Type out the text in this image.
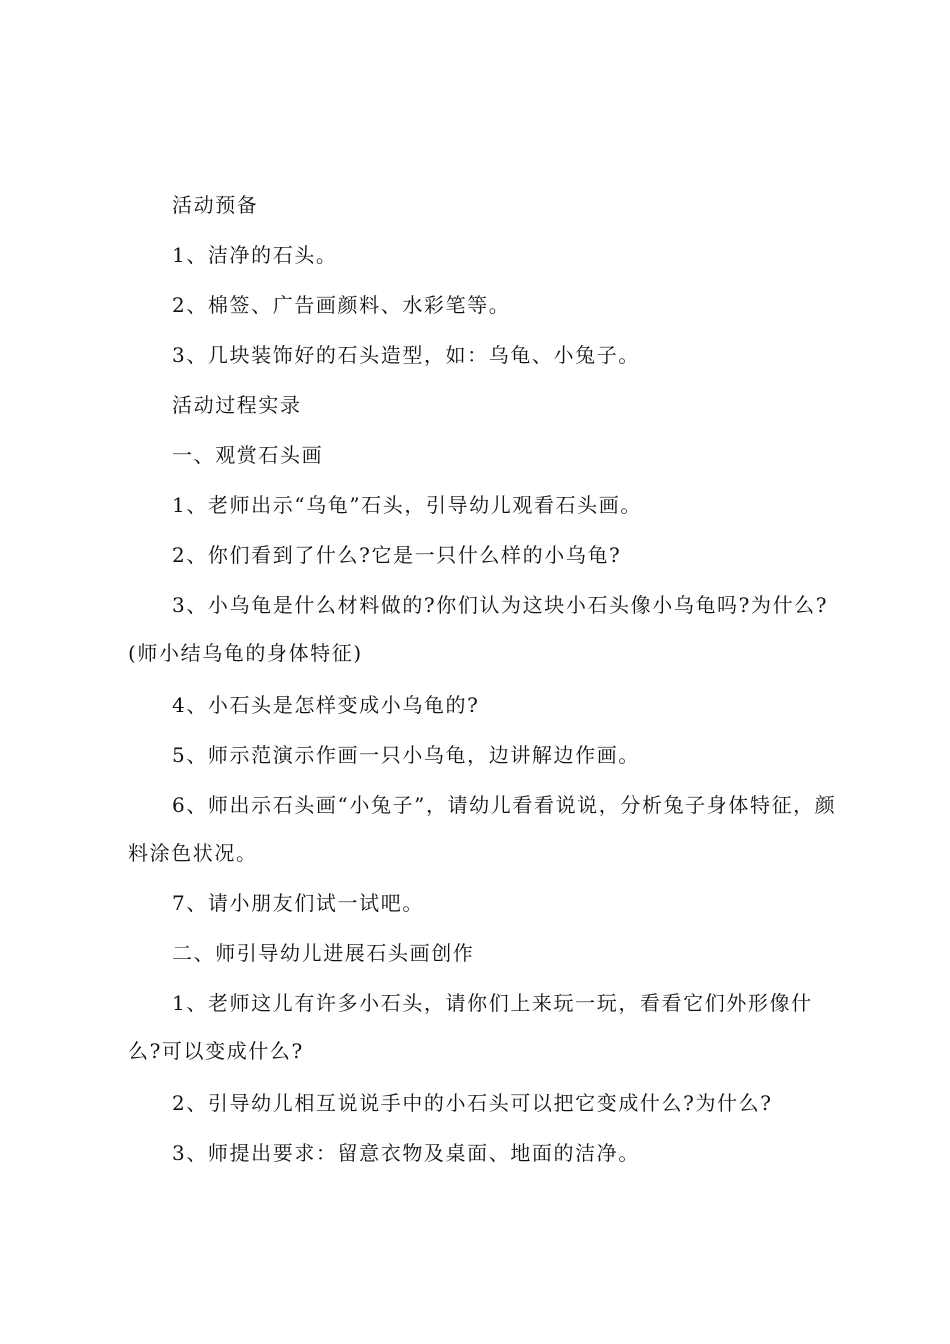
活动预备

1、洁净的石头。

2、棉签、广告画颜料、水彩笔等。

3、几块装饰好的石头造型，如：乌龟、小兔子。

活动过程实录

一、观赏石头画

1、老师出示“乌龟”石头，引导幼儿观看石头画。

2、你们看到了什么?它是一只什么样的小乌龟?

3、小乌龟是什么材料做的?你们认为这块小石头像小乌龟吗?为什么?(师小结乌龟的身体特征)

4、小石头是怎样变成小乌龟的?

5、师示范演示作画一只小乌龟，边讲解边作画。

6、师出示石头画“小兔子”，请幼儿看看说说，分析兔子身体特征，颜料涂色状况。

7、请小朋友们试一试吧。

二、师引导幼儿进展石头画创作

1、老师这儿有许多小石头，请你们上来玩一玩，看看它们外形像什么?可以变成什么?

2、引导幼儿相互说说手中的小石头可以把它变成什么?为什么?

3、师提出要求：留意衣物及桌面、地面的洁净。
